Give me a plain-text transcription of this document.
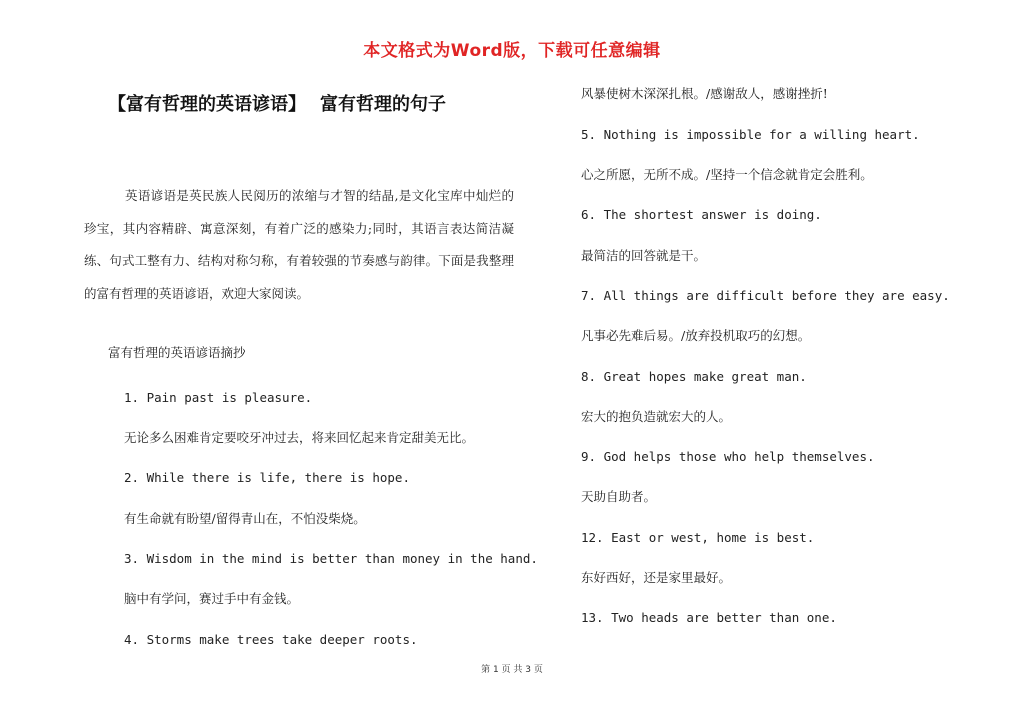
本文格式为Word版，下载可任意编辑
【富有哲理的英语谚语】 富有哲理的句子

英语谚语是英民族人民阅历的浓缩与才智的结晶,是文化宝库中灿烂的珍宝，其内容精辟、寓意深刻，有着广泛的感染力;同时，其语言表达简洁凝练、句式工整有力、结构对称匀称，有着较强的节奏感与韵律。下面是我整理的富有哲理的英语谚语，欢迎大家阅读。

富有哲理的英语谚语摘抄
1. Pain past is pleasure.
无论多么困难肯定要咬牙冲过去，将来回忆起来肯定甜美无比。
2. While there is life, there is hope.
有生命就有盼望/留得青山在，不怕没柴烧。
3. Wisdom in the mind is better than money in the hand.
脑中有学问，赛过手中有金钱。
4. Storms make trees take deeper roots.
风暴使树木深深扎根。/感谢敌人，感谢挫折!
5. Nothing is impossible for a willing heart.
心之所愿，无所不成。/坚持一个信念就肯定会胜利。
6. The shortest answer is doing.
最简洁的回答就是干。
7. All things are difficult before they are easy.
凡事必先难后易。/放弃投机取巧的幻想。
8. Great hopes make great man.
宏大的抱负造就宏大的人。
9. God helps those who help themselves.
天助自助者。
12. East or west, home is best.
东好西好，还是家里最好。
13. Two heads are better than one.
第 1 页 共 3 页
